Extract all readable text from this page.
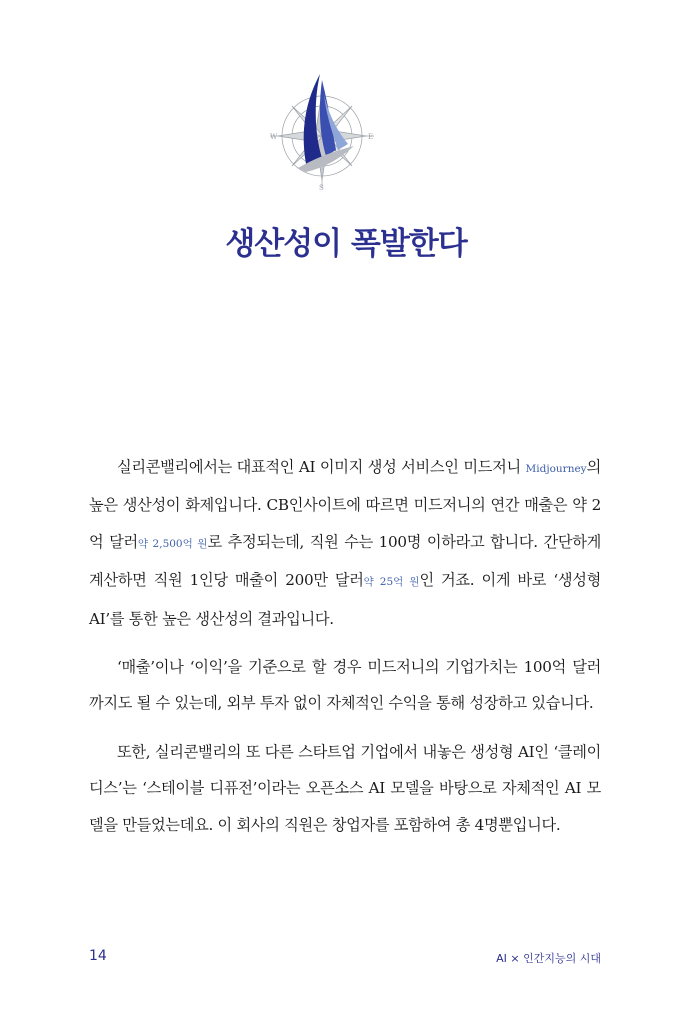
W	E
S
생산성이 폭발한다

실리콘밸리에서는 대표적인 AI 이미지 생성 서비스인 미드저니 Midjourney의 높은 생산성이 화제입니다. CB인사이트에 따르면 미드저니의 연간 매출은 약 2억 달러약 2,500억 원로 추정되는데, 직원 수는 100명 이하라고 합니다. 간단하게 계산하면 직원 1인당 매출이 200만 달러약 25억 원인 거죠. 이게 바로 ‘생성형 AI’를 통한 높은 생산성의 결과입니다.

‘매출’이나 ‘이익’을 기준으로 할 경우 미드저니의 기업가치는 100억 달러까지도 될 수 있는데, 외부 투자 없이 자체적인 수익을 통해 성장하고 있습니다.

또한, 실리콘밸리의 또 다른 스타트업 기업에서 내놓은 생성형 AI인 ‘클레이디스’는 ‘스테이블 디퓨전’이라는 오픈소스 AI 모델을 바탕으로 자체적인 AI 모델을 만들었는데요. 이 회사의 직원은 창업자를 포함하여 총 4명뿐입니다.

14	AI × 인간지능의 시대
